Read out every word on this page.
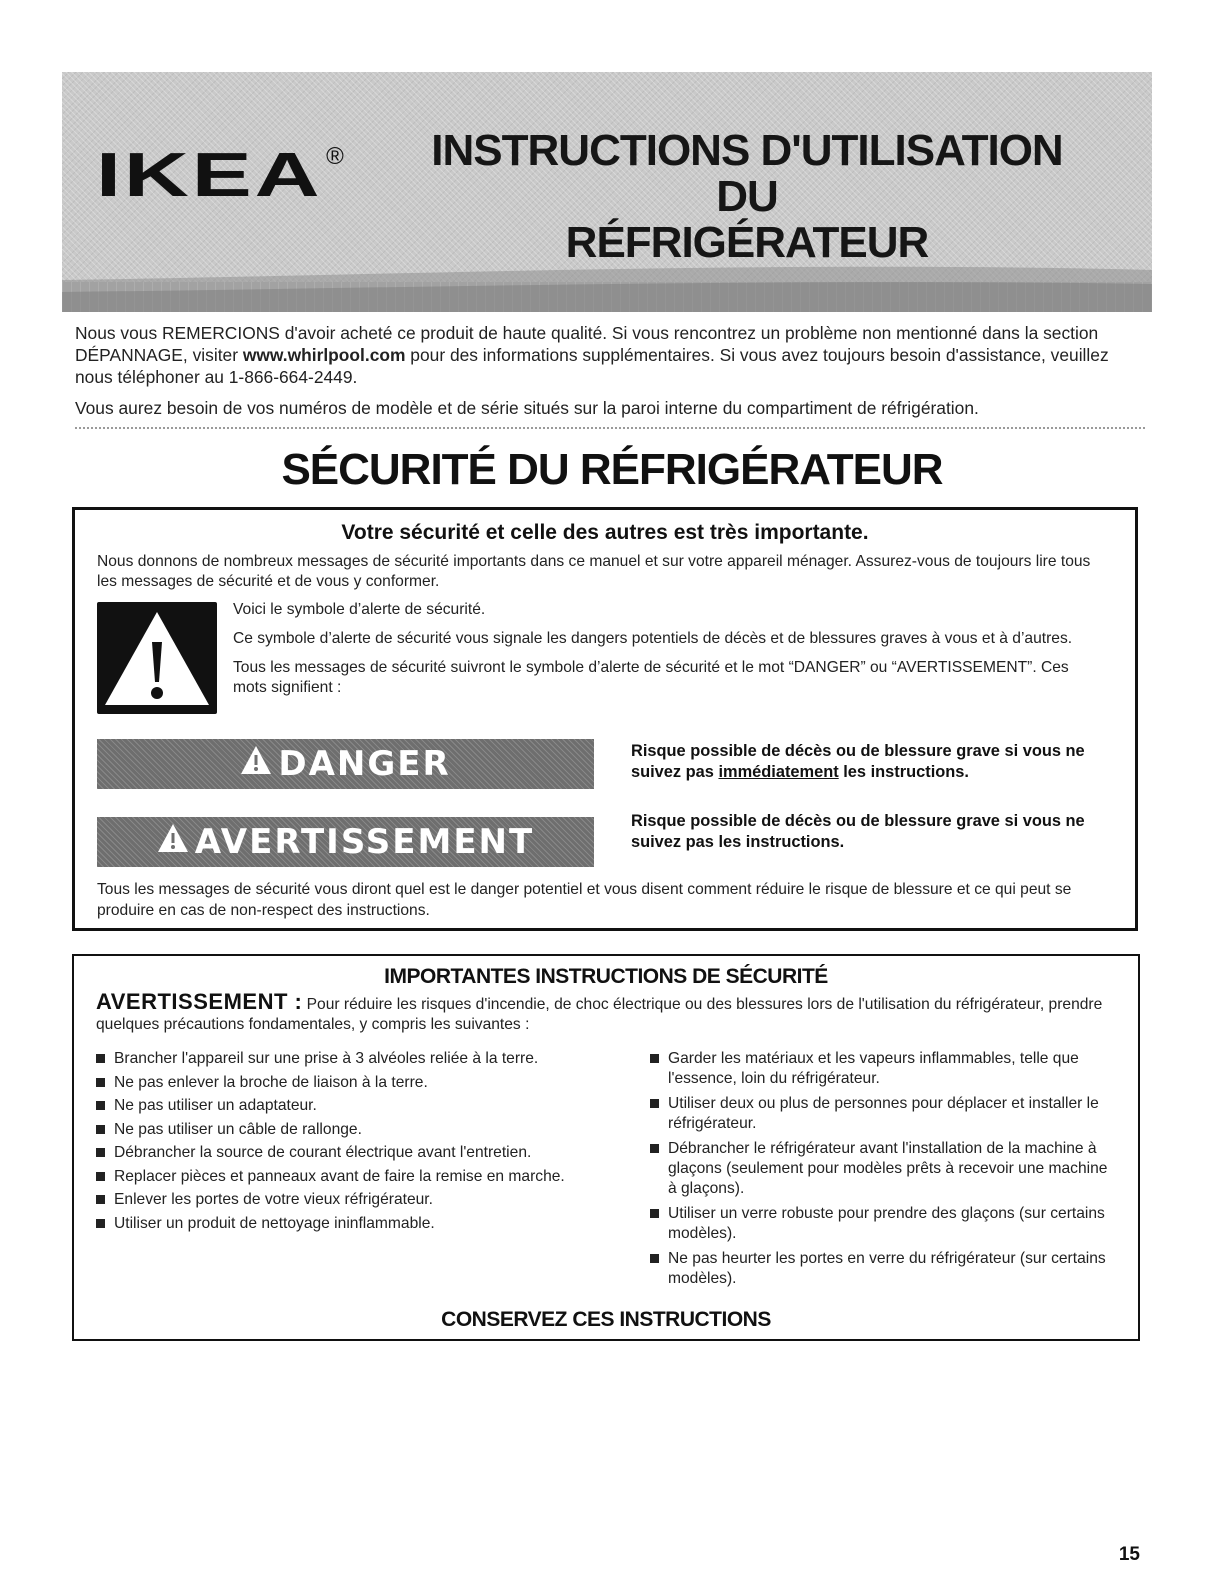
IKEA ®	INSTRUCTIONS D'UTILISATION DU
RÉFRIGÉRATEUR

Nous vous REMERCIONS d'avoir acheté ce produit de haute qualité. Si vous rencontrez un problème non mentionné dans la section DÉPANNAGE, visiter www.whirlpool.com pour des informations supplémentaires. Si vous avez toujours besoin d'assistance, veuillez nous téléphoner au 1-866-664-2449.

Vous aurez besoin de vos numéros de modèle et de série situés sur la paroi interne du compartiment de réfrigération.

SÉCURITÉ DU RÉFRIGÉRATEUR
Votre sécurité et celle des autres est très importante.

Nous donnons de nombreux messages de sécurité importants dans ce manuel et sur votre appareil ménager. Assurez-vous de toujours lire tous les messages de sécurité et de vous y conformer.

Voici le symbole d’alerte de sécurité.

Ce symbole d’alerte de sécurité vous signale les dangers potentiels de décès et de blessures graves à vous et à d’autres.

Tous les messages de sécurité suivront le symbole d’alerte de sécurité et le mot “DANGER” ou “AVERTISSEMENT”. Ces mots signifient :

DANGER	Risque possible de décès ou de blessure grave si vous ne suivez pas immédiatement les instructions.

AVERTISSEMENT

Risque possible de décès ou de blessure grave si vous ne suivez pas les instructions.

Tous les messages de sécurité vous diront quel est le danger potentiel et vous disent comment réduire le risque de blessure et ce qui peut se produire en cas de non-respect des instructions.

IMPORTANTES INSTRUCTIONS DE SÉCURITÉ

AVERTISSEMENT : Pour réduire les risques d'incendie, de choc électrique ou des blessures lors de l'utilisation du réfrigérateur, prendre quelques précautions fondamentales, y compris les suivantes :

Brancher l'appareil sur une prise à 3 alvéoles reliée à la terre.
Ne pas enlever la broche de liaison à la terre.
Ne pas utiliser un adaptateur.
Ne pas utiliser un câble de rallonge.
Débrancher la source de courant électrique avant l'entretien.
Replacer pièces et panneaux avant de faire la remise en marche.
Enlever les portes de votre vieux réfrigérateur.
Utiliser un produit de nettoyage ininflammable.
Garder les matériaux et les vapeurs inflammables, telle que l'essence, loin du réfrigérateur.
Utiliser deux ou plus de personnes pour déplacer et installer le réfrigérateur.
Débrancher le réfrigérateur avant l'installation de la machine à glaçons (seulement pour modèles prêts à recevoir une machine à glaçons).
Utiliser un verre robuste pour prendre des glaçons (sur certains modèles).
Ne pas heurter les portes en verre du réfrigérateur (sur certains modèles).
CONSERVEZ CES INSTRUCTIONS
15
